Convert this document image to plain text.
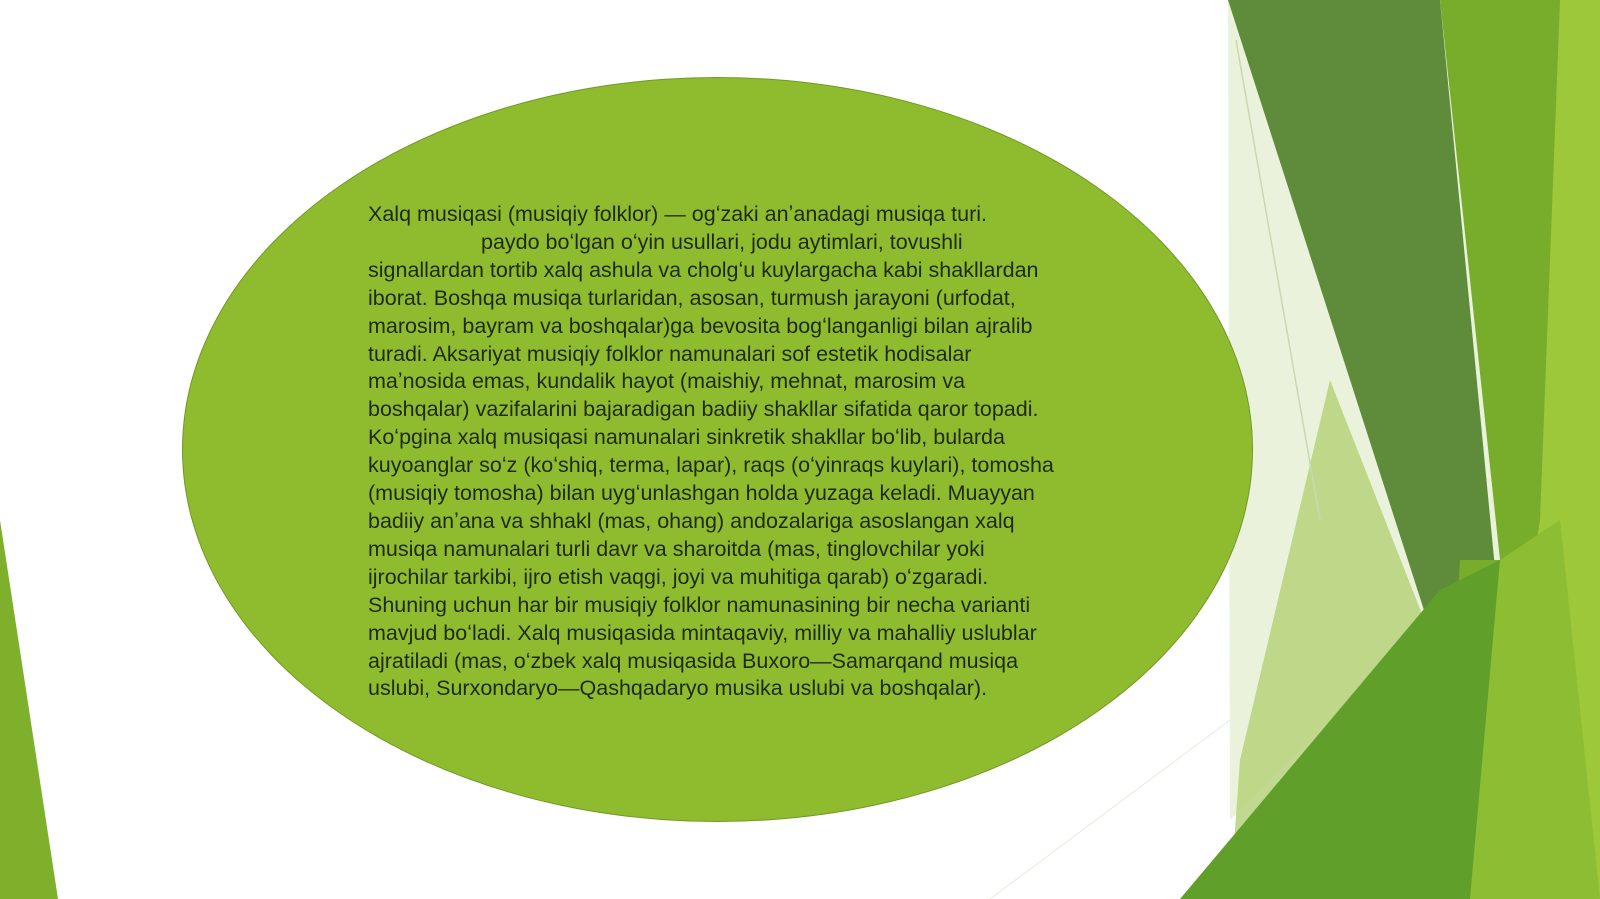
Xalq musiqasi (musiqiy folklor) — ogʻzaki anʼanadagi musiqa turi.
paydo boʻlgan oʻyin usullari, jodu aytimlari, tovushli
signallardan tortib xalq ashula va cholgʻu kuylargacha kabi shakllardan
iborat. Boshqa musiqa turlaridan, asosan, turmush jarayoni (urfodat,
marosim, bayram va boshqalar)ga bevosita bogʻlanganligi bilan ajralib
turadi. Aksariyat musiqiy folklor namunalari sof estetik hodisalar
maʼnosida emas, kundalik hayot (maishiy, mehnat, marosim va
boshqalar) vazifalarini bajaradigan badiiy shakllar sifatida qaror topadi.
Koʻpgina xalq musiqasi namunalari sinkretik shakllar boʻlib, bularda
kuyoanglar soʻz (koʻshiq, terma, lapar), raqs (oʻyinraqs kuylari), tomosha
(musiqiy tomosha) bilan uygʻunlashgan holda yuzaga keladi. Muayyan
badiiy anʼana va shhakl (mas, ohang) andozalariga asoslangan xalq
musiqa namunalari turli davr va sharoitda (mas, tinglovchilar yoki
ijrochilar tarkibi, ijro etish vaqgi, joyi va muhitiga qarab) oʻzgaradi.
Shuning uchun har bir musiqiy folklor namunasining bir necha varianti
mavjud boʻladi. Xalq musiqasida mintaqaviy, milliy va mahalliy uslublar
ajratiladi (mas, oʻzbek xalq musiqasida Buxoro—Samarqand musiqa
uslubi, Surxondaryo—Qashqadaryo musika uslubi va boshqalar).
